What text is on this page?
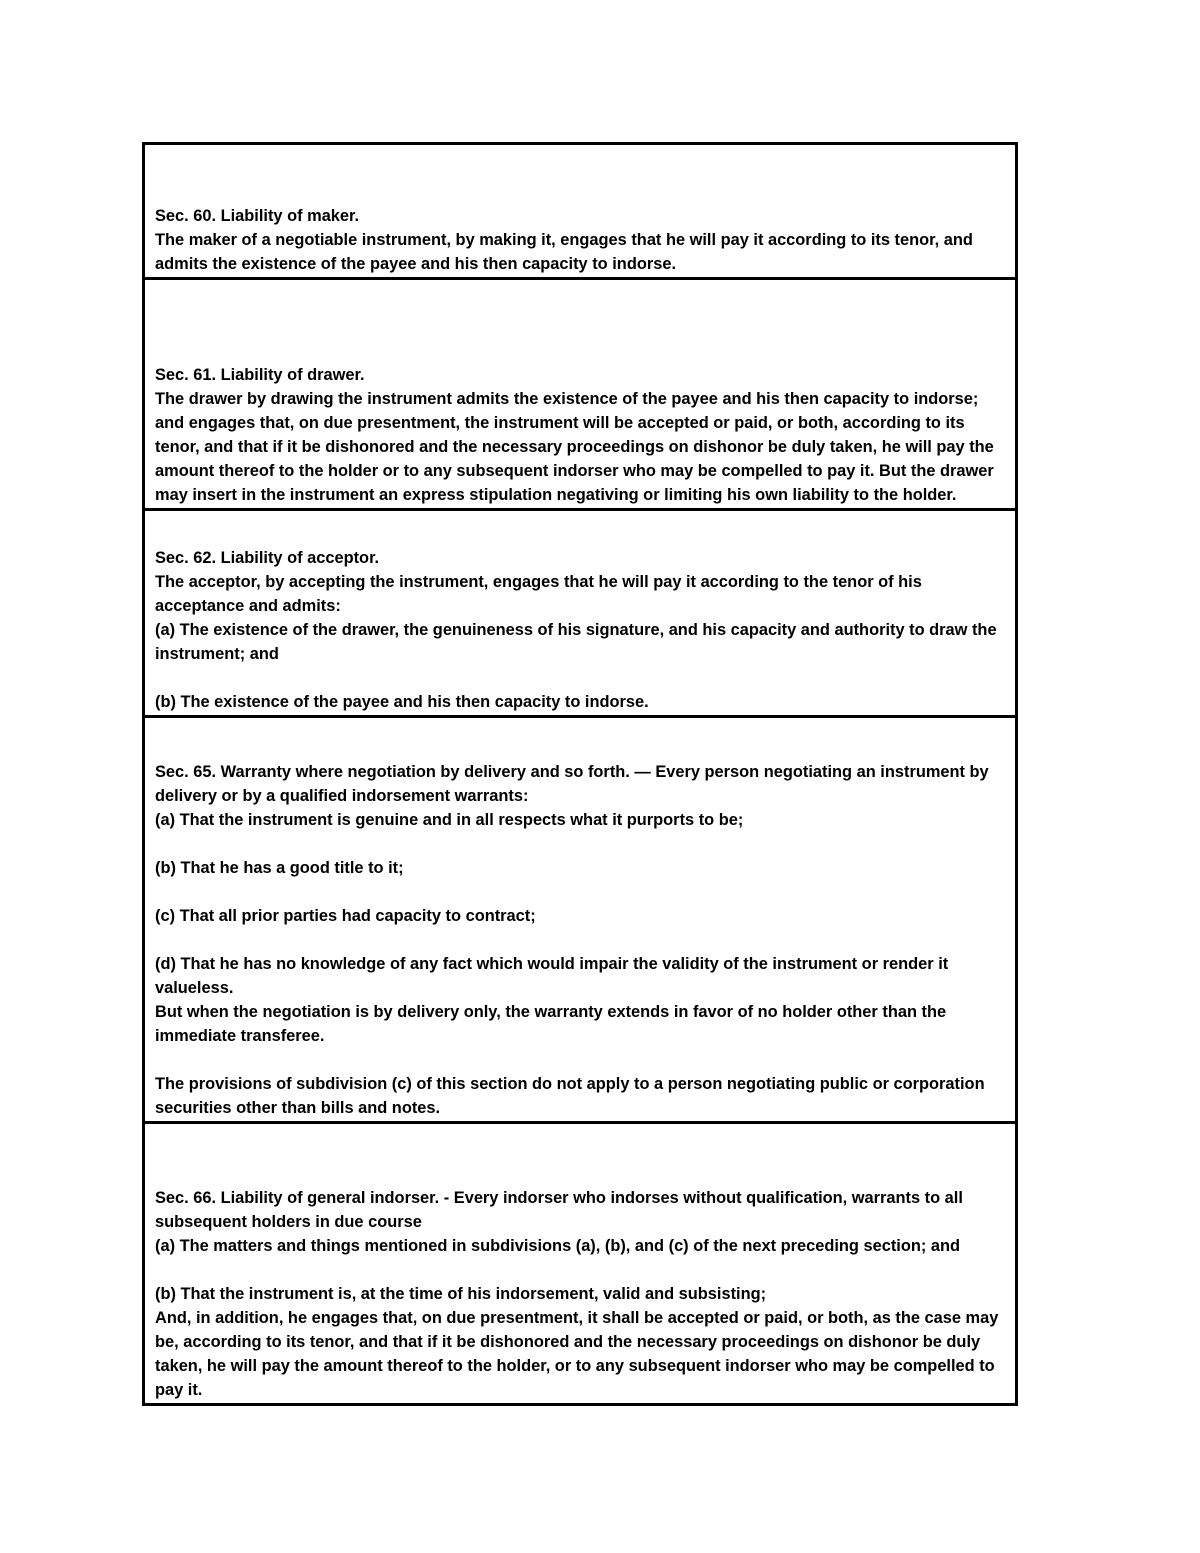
Sec. 60. Liability of maker.

The maker of a negotiable instrument, by making it, engages that he will pay it according to its tenor, and admits the existence of the payee and his then capacity to indorse.

Sec. 61. Liability of drawer.

The drawer by drawing the instrument admits the existence of the payee and his then capacity to indorse; and engages that, on due presentment, the instrument will be accepted or paid, or both, according to its tenor, and that if it be dishonored and the necessary proceedings on dishonor be duly taken, he will pay the amount thereof to the holder or to any subsequent indorser who may be compelled to pay it. But the drawer may insert in the instrument an express stipulation negativing or limiting his own liability to the holder.

Sec. 62. Liability of acceptor.

The acceptor, by accepting the instrument, engages that he will pay it according to the tenor of his acceptance and admits:

(a) The existence of the drawer, the genuineness of his signature, and his capacity and authority to draw the instrument; and

(b) The existence of the payee and his then capacity to indorse.

Sec. 65. Warranty where negotiation by delivery and so forth. — Every person negotiating an instrument by delivery or by a qualified indorsement warrants:

(a) That the instrument is genuine and in all respects what it purports to be;

(b) That he has a good title to it;

(c) That all prior parties had capacity to contract;

(d) That he has no knowledge of any fact which would impair the validity of the instrument or render it valueless.

But when the negotiation is by delivery only, the warranty extends in favor of no holder other than the immediate transferee.

The provisions of subdivision (c) of this section do not apply to a person negotiating public or corporation securities other than bills and notes.

Sec. 66. Liability of general indorser. - Every indorser who indorses without qualification, warrants to all subsequent holders in due course

(a) The matters and things mentioned in subdivisions (a), (b), and (c) of the next preceding section; and

(b) That the instrument is, at the time of his indorsement, valid and subsisting;

And, in addition, he engages that, on due presentment, it shall be accepted or paid, or both, as the case may be, according to its tenor, and that if it be dishonored and the necessary proceedings on dishonor be duly taken, he will pay the amount thereof to the holder, or to any subsequent indorser who may be compelled to pay it.
